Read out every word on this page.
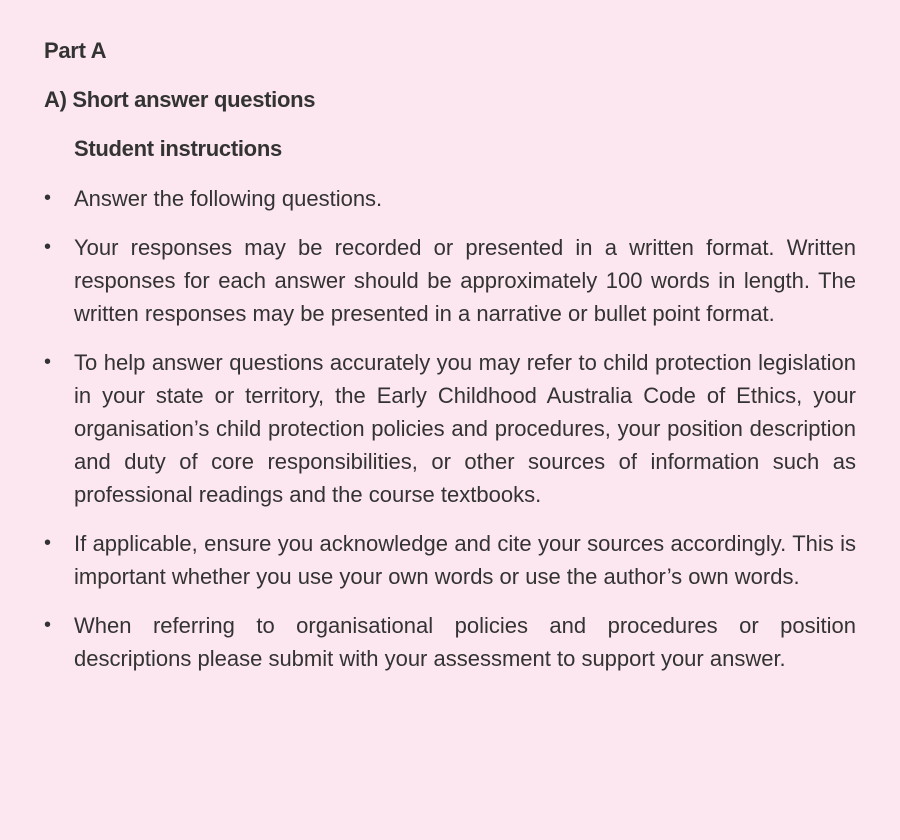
Part A
A) Short answer questions
Student instructions
• Answer the following questions.
• Your responses may be recorded or presented in a written format. Written responses for each answer should be approximately 100 words in length. The written responses may be presented in a narrative or bullet point format.
• To help answer questions accurately you may refer to child protection legislation in your state or territory, the Early Childhood Australia Code of Ethics, your organisation’s child protection policies and procedures, your position description and duty of core responsibilities, or other sources of information such as professional readings and the course textbooks.
• If applicable, ensure you acknowledge and cite your sources accordingly. This is important whether you use your own words or use the author’s own words.
• When referring to organisational policies and procedures or position descriptions please submit with your assessment to support your answer.
